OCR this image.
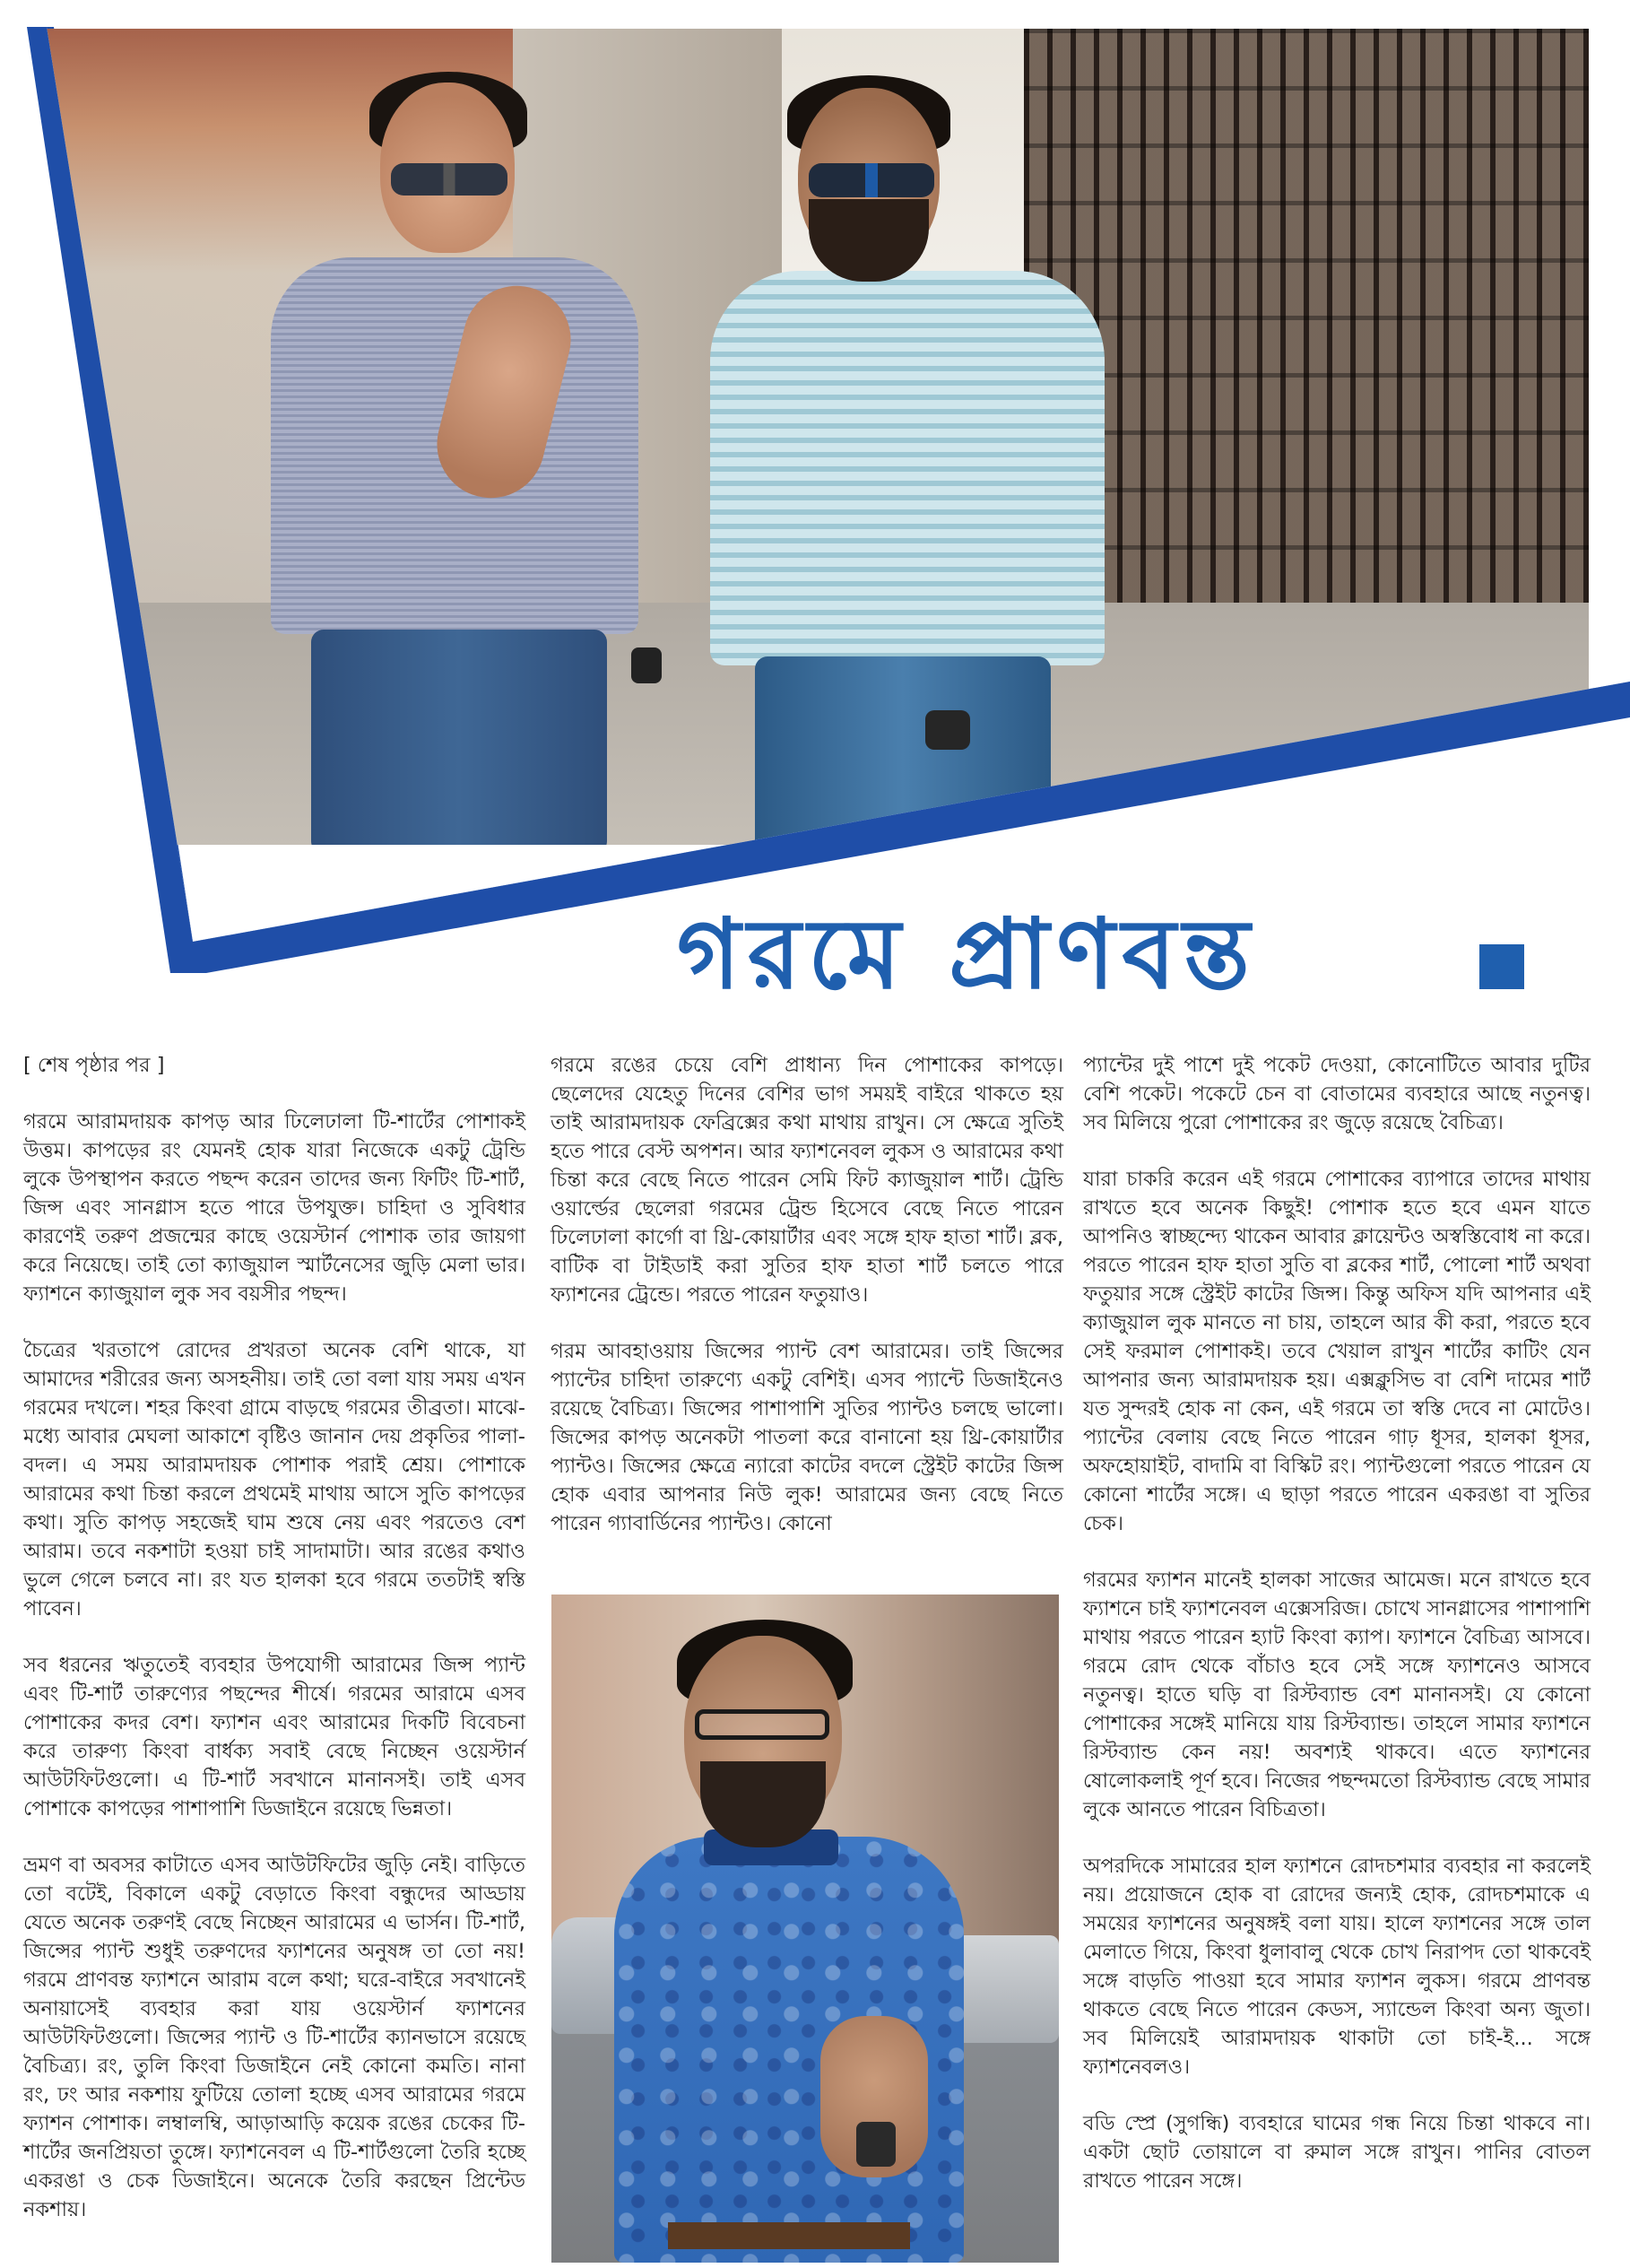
গরমে প্রাণবন্ত

[ শেষ পৃষ্ঠার পর ]

গরমে আরামদায়ক কাপড় আর ঢিলেঢালা টি-শার্টের পোশাকই উত্তম। কাপড়ের রং যেমনই হোক যারা নিজেকে একটু ট্রেন্ডি লুকে উপস্থাপন করতে পছন্দ করেন তাদের জন্য ফিটিং টি-শার্ট, জিন্স এবং সানগ্লাস হতে পারে উপযুক্ত। চাহিদা ও সুবিধার কারণেই তরুণ প্রজন্মের কাছে ওয়েস্টার্ন পোশাক তার জায়গা করে নিয়েছে। তাই তো ক্যাজুয়াল স্মার্টনেসের জুড়ি মেলা ভার। ফ্যাশনে ক্যাজুয়াল লুক সব বয়সীর পছন্দ।

চৈত্রের খরতাপে রোদের প্রখরতা অনেক বেশি থাকে, যা আমাদের শরীরের জন্য অসহনীয়। তাই তো বলা যায় সময় এখন গরমের দখলে। শহর কিংবা গ্রামে বাড়ছে গরমের তীব্রতা। মাঝে-মধ্যে আবার মেঘলা আকাশে বৃষ্টিও জানান দেয় প্রকৃতির পালা-বদল। এ সময় আরামদায়ক পোশাক পরাই শ্রেয়। পোশাকে আরামের কথা চিন্তা করলে প্রথমেই মাথায় আসে সুতি কাপড়ের কথা। সুতি কাপড় সহজেই ঘাম শুষে নেয় এবং পরতেও বেশ আরাম। তবে নকশাটা হওয়া চাই সাদামাটা। আর রঙের কথাও ভুলে গেলে চলবে না। রং যত হালকা হবে গরমে ততটাই স্বস্তি পাবেন।

সব ধরনের ঋতুতেই ব্যবহার উপযোগী আরামের জিন্স প্যান্ট এবং টি-শার্ট তারুণ্যের পছন্দের শীর্ষে। গরমের আরামে এসব পোশাকের কদর বেশ। ফ্যাশন এবং আরামের দিকটি বিবেচনা করে তারুণ্য কিংবা বার্ধক্য সবাই বেছে নিচ্ছেন ওয়েস্টার্ন আউটফিটগুলো। এ টি-শার্ট সবখানে মানানসই। তাই এসব পোশাকে কাপড়ের পাশাপাশি ডিজাইনে রয়েছে ভিন্নতা।

ভ্রমণ বা অবসর কাটাতে এসব আউটফিটের জুড়ি নেই। বাড়িতে তো বটেই, বিকালে একটু বেড়াতে কিংবা বন্ধুদের আড্ডায় যেতে অনেক তরুণই বেছে নিচ্ছেন আরামের এ ভার্সন। টি-শার্ট, জিন্সের প্যান্ট শুধুই তরুণদের ফ্যাশনের অনুষঙ্গ তা তো নয়! গরমে প্রাণবন্ত ফ্যাশনে আরাম বলে কথা; ঘরে-বাইরে সবখানেই অনায়াসেই ব্যবহার করা যায় ওয়েস্টার্ন ফ্যাশনের আউটফিটগুলো। জিন্সের প্যান্ট ও টি-শার্টের ক্যানভাসে রয়েছে বৈচিত্র্য। রং, তুলি কিংবা ডিজাইনে নেই কোনো কমতি। নানা রং, ঢং আর নকশায় ফুটিয়ে তোলা হচ্ছে এসব আরামের গরমে ফ্যাশন পোশাক। লম্বালম্বি, আড়াআড়ি কয়েক রঙের চেকের টি-শার্টের জনপ্রিয়তা তুঙ্গে। ফ্যাশনেবল এ টি-শার্টগুলো তৈরি হচ্ছে একরঙা ও চেক ডিজাইনে। অনেকে তৈরি করছেন প্রিন্টেড নকশায়।

গরমে রঙের চেয়ে বেশি প্রাধান্য দিন পোশাকের কাপড়ে। ছেলেদের যেহেতু দিনের বেশির ভাগ সময়ই বাইরে থাকতে হয় তাই আরামদায়ক ফেব্রিক্সের কথা মাথায় রাখুন। সে ক্ষেত্রে সুতিই হতে পারে বেস্ট অপশন। আর ফ্যাশনেবল লুকস ও আরামের কথা চিন্তা করে বেছে নিতে পারেন সেমি ফিট ক্যাজুয়াল শার্ট। ট্রেন্ডি ওয়ার্ল্ডের ছেলেরা গরমের ট্রেন্ড হিসেবে বেছে নিতে পারেন ঢিলেঢালা কার্গো বা থ্রি-কোয়ার্টার এবং সঙ্গে হাফ হাতা শার্ট। ব্লক, বাটিক বা টাইডাই করা সুতির হাফ হাতা শার্ট চলতে পারে ফ্যাশনের ট্রেন্ডে। পরতে পারেন ফতুয়াও।

গরম আবহাওয়ায় জিন্সের প্যান্ট বেশ আরামের। তাই জিন্সের প্যান্টের চাহিদা তারুণ্যে একটু বেশিই। এসব প্যান্টে ডিজাইনেও রয়েছে বৈচিত্র্য। জিন্সের পাশাপাশি সুতির প্যান্টও চলছে ভালো। জিন্সের কাপড় অনেকটা পাতলা করে বানানো হয় থ্রি-কোয়ার্টার প্যান্টও। জিন্সের ক্ষেত্রে ন্যারো কাটের বদলে স্ট্রেইট কাটের জিন্স হোক এবার আপনার নিউ লুক! আরামের জন্য বেছে নিতে পারেন গ্যাবার্ডিনের প্যান্টও। কোনো

প্যান্টের দুই পাশে দুই পকেট দেওয়া, কোনোটিতে আবার দুটির বেশি পকেট। পকেটে চেন বা বোতামের ব্যবহারে আছে নতুনত্ব। সব মিলিয়ে পুরো পোশাকের রং জুড়ে রয়েছে বৈচিত্র্য।

যারা চাকরি করেন এই গরমে পোশাকের ব্যাপারে তাদের মাথায় রাখতে হবে অনেক কিছুই! পোশাক হতে হবে এমন যাতে আপনিও স্বাচ্ছন্দ্যে থাকেন আবার ক্লায়েন্টও অস্বস্তিবোধ না করে। পরতে পারেন হাফ হাতা সুতি বা ব্লকের শার্ট, পোলো শার্ট অথবা ফতুয়ার সঙ্গে স্ট্রেইট কাটের জিন্স। কিন্তু অফিস যদি আপনার এই ক্যাজুয়াল লুক মানতে না চায়, তাহলে আর কী করা, পরতে হবে সেই ফরমাল পোশাকই। তবে খেয়াল রাখুন শার্টের কাটিং যেন আপনার জন্য আরামদায়ক হয়। এক্সক্লুসিভ বা বেশি দামের শার্ট যত সুন্দরই হোক না কেন, এই গরমে তা স্বস্তি দেবে না মোটেও। প্যান্টের বেলায় বেছে নিতে পারেন গাঢ় ধূসর, হালকা ধূসর, অফহোয়াইট, বাদামি বা বিস্কিট রং। প্যান্টগুলো পরতে পারেন যে কোনো শার্টের সঙ্গে। এ ছাড়া পরতে পারেন একরঙা বা সুতির চেক।

গরমের ফ্যাশন মানেই হালকা সাজের আমেজ। মনে রাখতে হবে ফ্যাশনে চাই ফ্যাশনেবল এক্সেসরিজ। চোখে সানগ্লাসের পাশাপাশি মাথায় পরতে পারেন হ্যাট কিংবা ক্যাপ। ফ্যাশনে বৈচিত্র্য আসবে। গরমে রোদ থেকে বাঁচাও হবে সেই সঙ্গে ফ্যাশনেও আসবে নতুনত্ব। হাতে ঘড়ি বা রিস্টব্যান্ড বেশ মানানসই। যে কোনো পোশাকের সঙ্গেই মানিয়ে যায় রিস্টব্যান্ড। তাহলে সামার ফ্যাশনে রিস্টব্যান্ড কেন নয়! অবশ্যই থাকবে। এতে ফ্যাশনের ষোলোকলাই পূর্ণ হবে। নিজের পছন্দমতো রিস্টব্যান্ড বেছে সামার লুকে আনতে পারেন বিচিত্রতা।

অপরদিকে সামারের হাল ফ্যাশনে রোদচশমার ব্যবহার না করলেই নয়। প্রয়োজনে হোক বা রোদের জন্যই হোক, রোদচশমাকে এ সময়ের ফ্যাশনের অনুষঙ্গই বলা যায়। হালে ফ্যাশনের সঙ্গে তাল মেলাতে গিয়ে, কিংবা ধুলাবালু থেকে চোখ নিরাপদ তো থাকবেই সঙ্গে বাড়তি পাওয়া হবে সামার ফ্যাশন লুকস। গরমে প্রাণবন্ত থাকতে বেছে নিতে পারেন কেডস, স্যান্ডেল কিংবা অন্য জুতা। সব মিলিয়েই আরামদায়ক থাকাটা তো চাই-ই... সঙ্গে ফ্যাশনেবলও।

বডি স্প্রে (সুগন্ধি) ব্যবহারে ঘামের গন্ধ নিয়ে চিন্তা থাকবে না। একটা ছোট তোয়ালে বা রুমাল সঙ্গে রাখুন। পানির বোতল রাখতে পারেন সঙ্গে।
